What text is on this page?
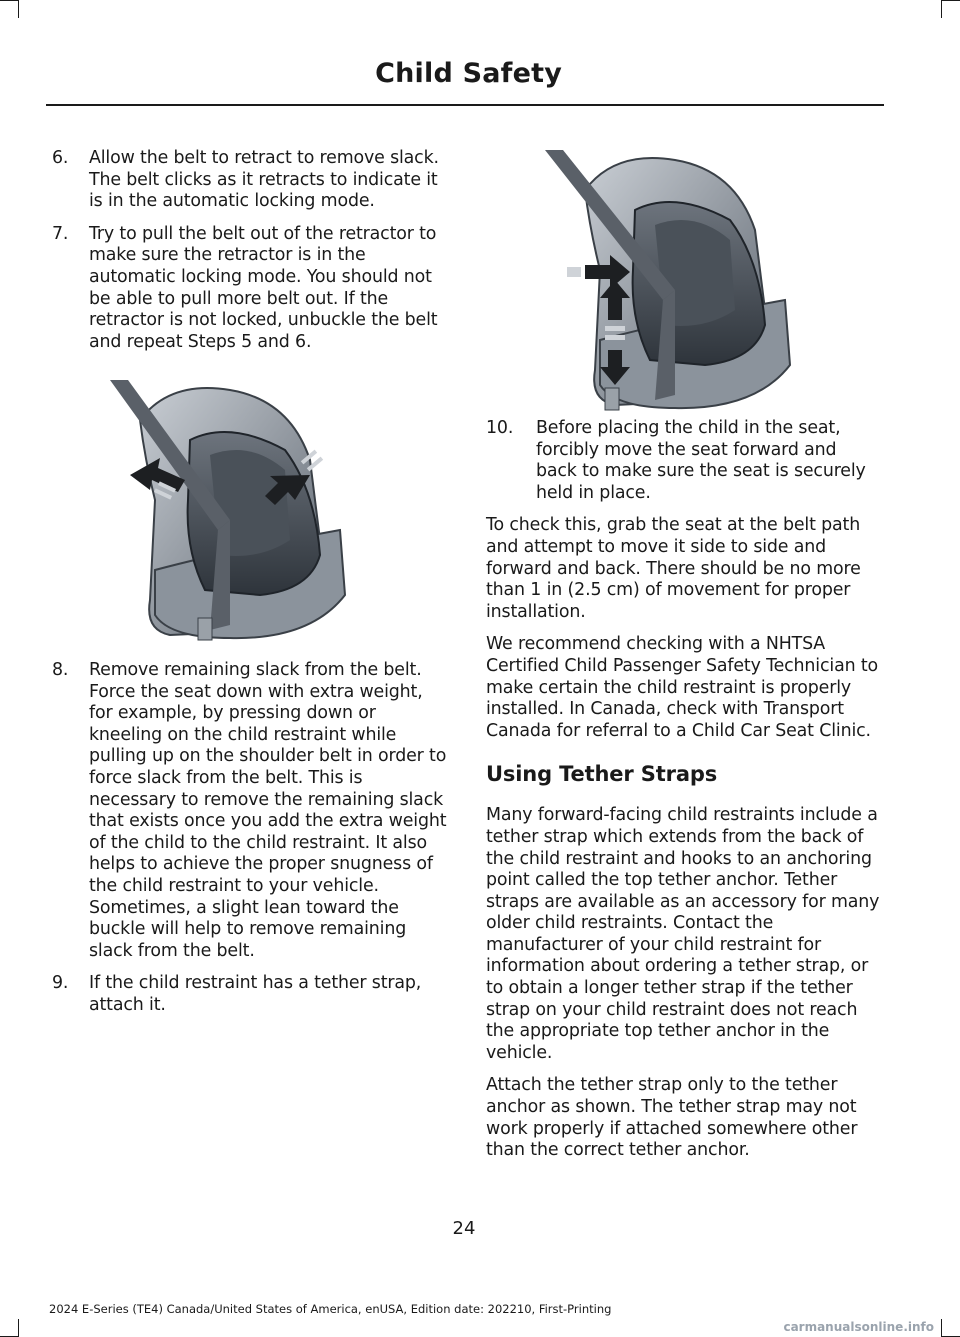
Child Safety
6.	Allow the belt to retract to remove slack. The belt clicks as it retracts to indicate it is in the automatic locking mode.
7.	Try to pull the belt out of the retractor to make sure the retractor is in the automatic locking mode. You should not be able to pull more belt out. If the retractor is not locked, unbuckle the belt and repeat Steps 5 and 6.
8.	Remove remaining slack from the belt. Force the seat down with extra weight, for example, by pressing down or kneeling on the child restraint while pulling up on the shoulder belt in order to force slack from the belt. This is necessary to remove the remaining slack that exists once you add the extra weight of the child to the child restraint. It also helps to achieve the proper snugness of the child restraint to your vehicle. Sometimes, a slight lean toward the buckle will help to remove remaining slack from the belt.
9.	If the child restraint has a tether strap, attach it.
10.	Before placing the child in the seat, forcibly move the seat forward and back to make sure the seat is securely held in place.

To check this, grab the seat at the belt path and attempt to move it side to side and forward and back. There should be no more than 1 in (2.5 cm) of movement for proper installation.

We recommend checking with a NHTSA Certified Child Passenger Safety Technician to make certain the child restraint is properly installed. In Canada, check with Transport Canada for referral to a Child Car Seat Clinic.

Using Tether Straps

Many forward-facing child restraints include a tether strap which extends from the back of the child restraint and hooks to an anchoring point called the top tether anchor. Tether straps are available as an accessory for many older child restraints. Contact the manufacturer of your child restraint for information about ordering a tether strap, or to obtain a longer tether strap if the tether strap on your child restraint does not reach the appropriate top tether anchor in the vehicle.

Attach the tether strap only to the tether anchor as shown. The tether strap may not work properly if attached somewhere other than the correct tether anchor.

24
2024 E-Series (TE4) Canada/United States of America, enUSA, Edition date: 202210, First-Printing
carmanualsonline.info
